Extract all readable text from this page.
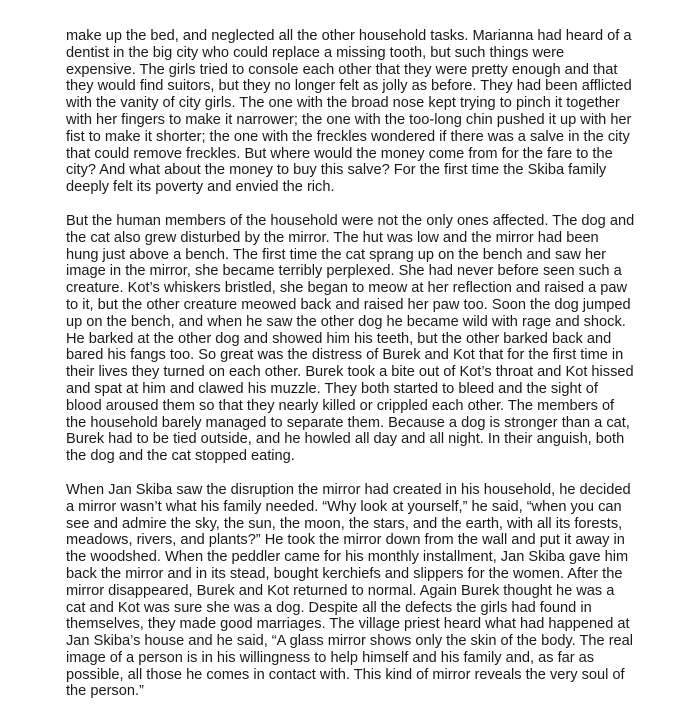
make up the bed, and neglected all the other household tasks. Marianna had heard of a
dentist in the big city who could replace a missing tooth, but such things were
expensive. The girls tried to console each other that they were pretty enough and that
they would find suitors, but they no longer felt as jolly as before. They had been afflicted
with the vanity of city girls. The one with the broad nose kept trying to pinch it together
with her fingers to make it narrower; the one with the too-long chin pushed it up with her
fist to make it shorter; the one with the freckles wondered if there was a salve in the city
that could remove freckles. But where would the money come from for the fare to the
city? And what about the money to buy this salve? For the first time the Skiba family
deeply felt its poverty and envied the rich.

But the human members of the household were not the only ones affected. The dog and
the cat also grew disturbed by the mirror. The hut was low and the mirror had been
hung just above a bench. The first time the cat sprang up on the bench and saw her
image in the mirror, she became terribly perplexed. She had never before seen such a
creature. Kot’s whiskers bristled, she began to meow at her reflection and raised a paw
to it, but the other creature meowed back and raised her paw too. Soon the dog jumped
up on the bench, and when he saw the other dog he became wild with rage and shock.
He barked at the other dog and showed him his teeth, but the other barked back and
bared his fangs too. So great was the distress of Burek and Kot that for the first time in
their lives they turned on each other. Burek took a bite out of Kot’s throat and Kot hissed
and spat at him and clawed his muzzle. They both started to bleed and the sight of
blood aroused them so that they nearly killed or crippled each other. The members of
the household barely managed to separate them. Because a dog is stronger than a cat,
Burek had to be tied outside, and he howled all day and all night. In their anguish, both
the dog and the cat stopped eating.

When Jan Skiba saw the disruption the mirror had created in his household, he decided
a mirror wasn’t what his family needed. “Why look at yourself,” he said, “when you can
see and admire the sky, the sun, the moon, the stars, and the earth, with all its forests,
meadows, rivers, and plants?” He took the mirror down from the wall and put it away in
the woodshed. When the peddler came for his monthly installment, Jan Skiba gave him
back the mirror and in its stead, bought kerchiefs and slippers for the women. After the
mirror disappeared, Burek and Kot returned to normal. Again Burek thought he was a
cat and Kot was sure she was a dog. Despite all the defects the girls had found in
themselves, they made good marriages. The village priest heard what had happened at
Jan Skiba’s house and he said, “A glass mirror shows only the skin of the body. The real
image of a person is in his willingness to help himself and his family and, as far as
possible, all those he comes in contact with. This kind of mirror reveals the very soul of
the person.”
